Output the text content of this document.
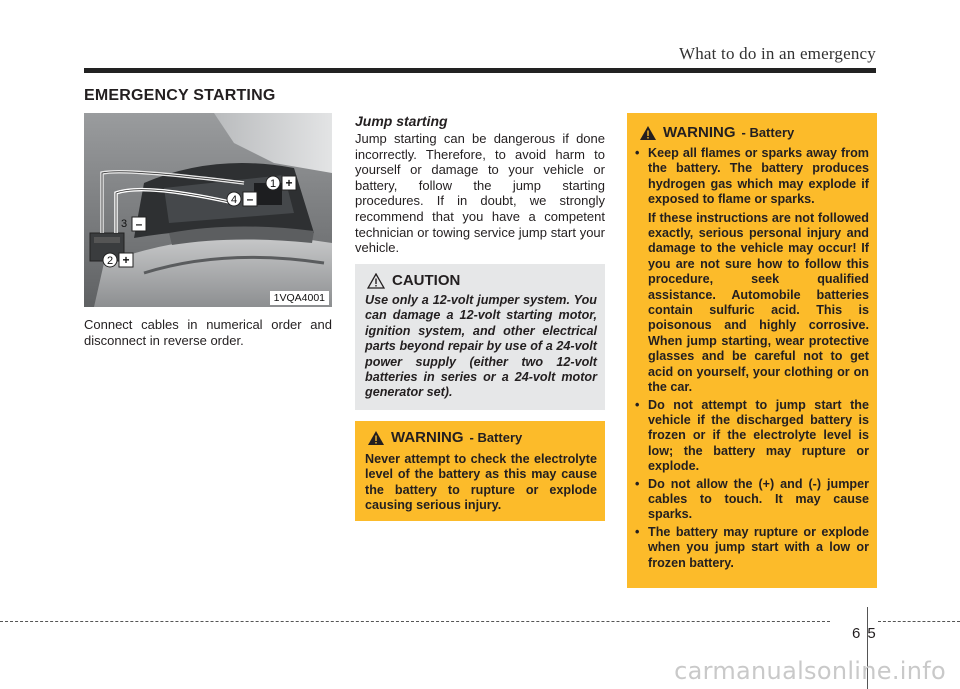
What to do in an emergency
EMERGENCY STARTING
1 +
4 –
3 –
2 +
1VQA4001

Connect cables in numerical order and disconnect in reverse order.

Jump starting

Jump starting can be dangerous if done incorrectly. Therefore, to avoid harm to yourself or damage to your vehicle or battery, follow the jump starting procedures. If in doubt, we strongly recommend that you have a competent technician or towing service jump start your vehicle.

CAUTION

Use only a 12-volt jumper system. You can damage a 12-volt starting motor, ignition system, and other electrical parts beyond repair by use of a 24-volt power supply (either two 12-volt batteries in series or a 24-volt motor generator set).

WARNING - Battery

Never attempt to check the electrolyte level of the battery as this may cause the battery to rupture or explode causing serious injury.

WARNING - Battery

• Keep all flames or sparks away from the battery. The battery produces hydrogen gas which may explode if exposed to flame or sparks.

If these instructions are not followed exactly, serious personal injury and damage to the vehicle may occur! If you are not sure how to follow this procedure, seek qualified assistance. Automobile batteries contain sulfuric acid. This is poisonous and highly corrosive. When jump starting, wear protective glasses and be careful not to get acid on yourself, your clothing or on the car.

• Do not attempt to jump start the vehicle if the discharged battery is frozen or if the electrolyte level is low; the battery may rupture or explode.
• Do not allow the (+) and (-) jumper cables to touch. It may cause sparks.
• The battery may rupture or explode when you jump start with a low or frozen battery.
65
carmanualsonline.info
